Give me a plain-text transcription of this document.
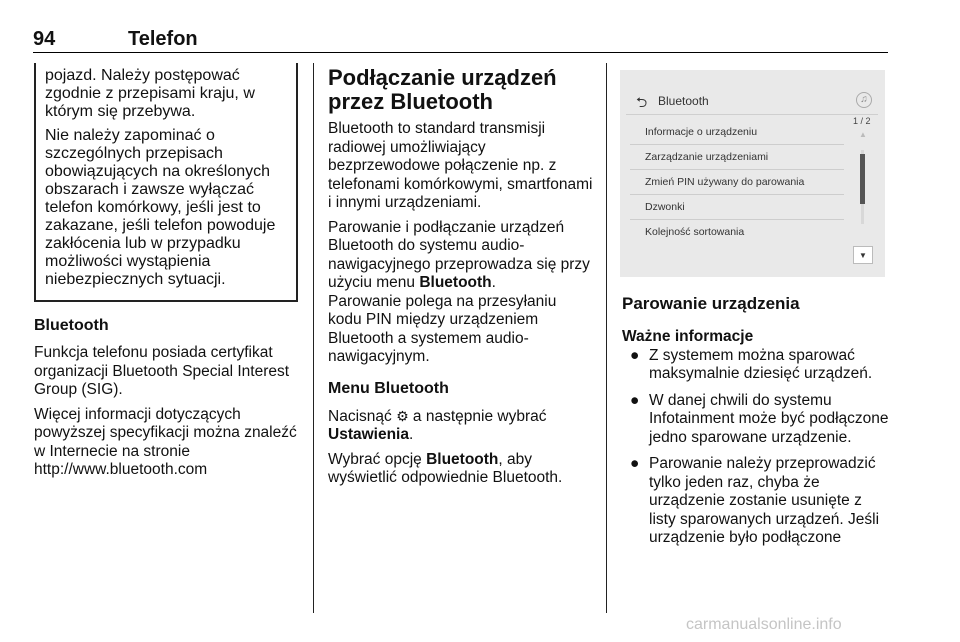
94	Telefon

pojazd. Należy postępować zgodnie z przepisami kraju, w którym się przebywa.

Nie należy zapominać o szczególnych przepisach obowiązujących na określonych obszarach i zawsze wyłączać telefon komórkowy, jeśli jest to zakazane, jeśli telefon powoduje zakłócenia lub w przypadku możliwości wystąpienia niebezpiecznych sytuacji.

Bluetooth

Funkcja telefonu posiada certyfikat organizacji Bluetooth Special Interest Group (SIG).

Więcej informacji dotyczących powyższej specyfikacji można znaleźć w Internecie na stronie http://www.bluetooth.com

Podłączanie urządzeń przez Bluetooth

Bluetooth to standard transmisji radiowej umożliwiający bezprzewodowe połączenie np. z telefonami komórkowymi, smartfonami i innymi urządzeniami.

Parowanie i podłączanie urządzeń Bluetooth do systemu audio-nawigacyjnego przeprowadza się przy użyciu menu Bluetooth.
Parowanie polega na przesyłaniu kodu PIN między urządzeniem Bluetooth a systemem audio-nawigacyjnym.

Menu Bluetooth

Nacisnąć ⚙ a następnie wybrać Ustawienia.

Wybrać opcję Bluetooth, aby wyświetlić odpowiednie Bluetooth.

⮌ Bluetooth	♫
Informacje o urządzeniu
Zarządzanie urządzeniami
Zmień PIN używany do parowania
Dzwonki
Kolejność sortowania
1 / 2
▲
▼
Parowanie urządzenia
Ważne informacje
● Z systemem można sparować maksymalnie dziesięć urządzeń.
● W danej chwili do systemu Infotainment może być podłączone jedno sparowane urządzenie.
● Parowanie należy przeprowadzić tylko jeden raz, chyba że urządzenie zostanie usunięte z listy sparowanych urządzeń. Jeśli urządzenie było podłączone
carmanualsonline.info
